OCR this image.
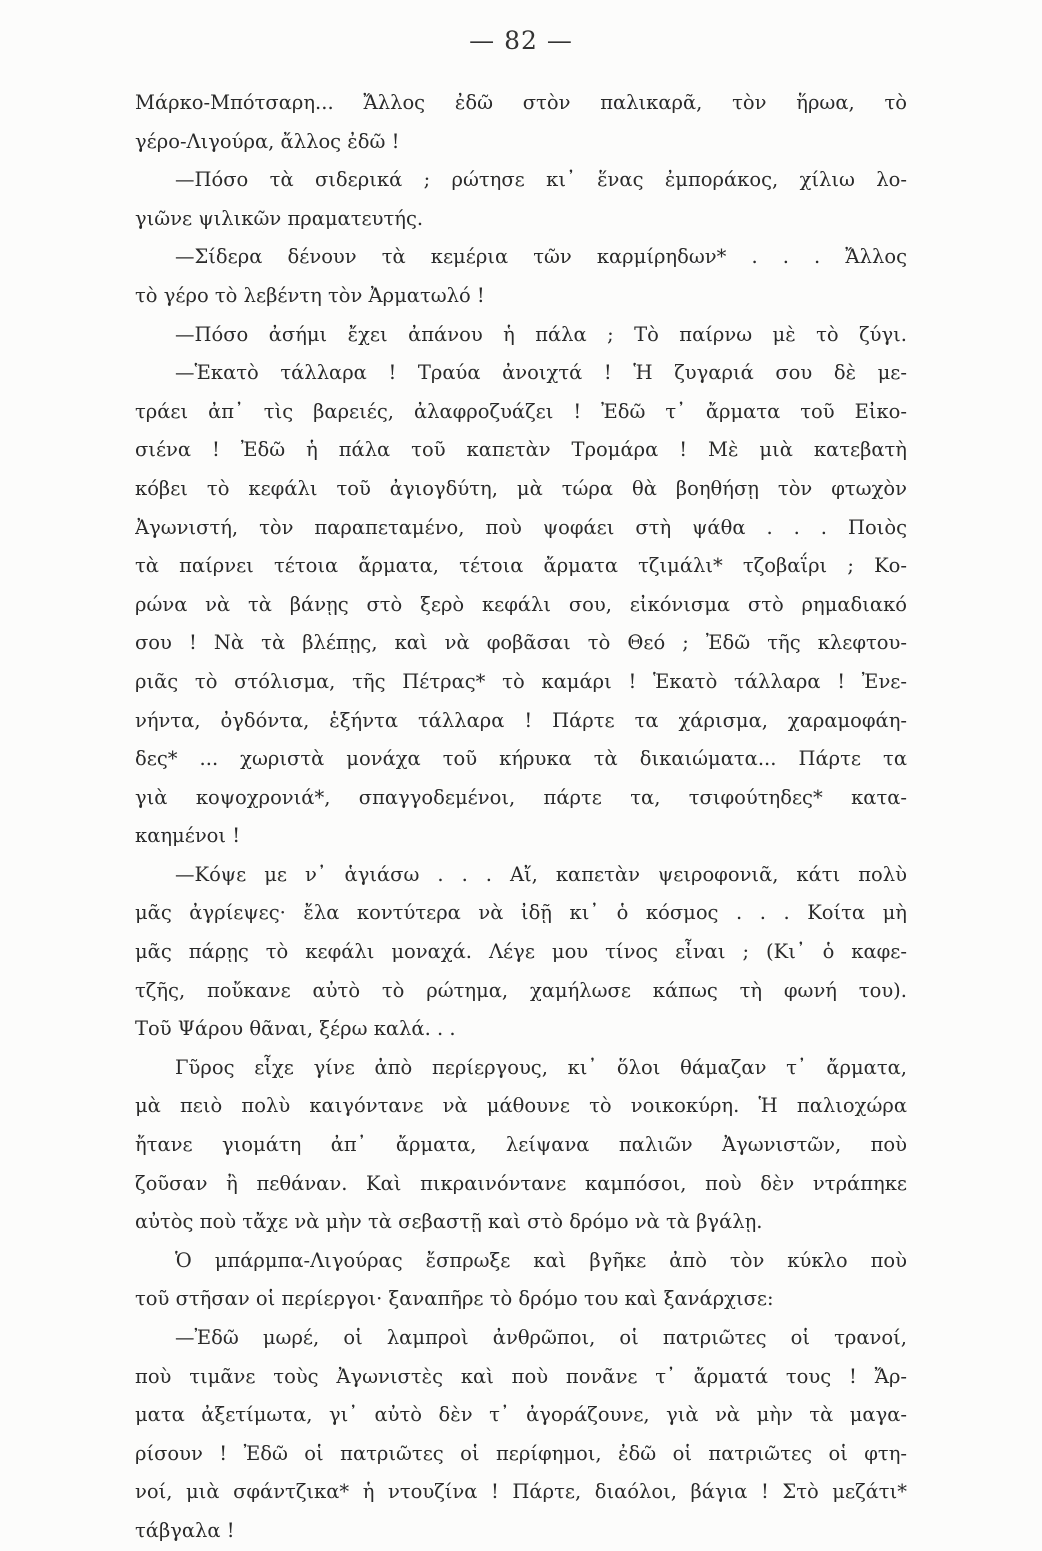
— 82 —
Μάρκο-Μπότσαρη... Ἄλλος ἐδῶ στὸν παλικαρᾶ, τὸν ἥρωα, τὸ
γέρο-Λιγούρα, ἄλλος ἐδῶ !
—Πόσο τὰ σιδερικά ; ρώτησε κι᾽ ἕνας ἐμποράκος, χίλιω λο-
γιῶνε ψιλικῶν πραματευτής.
—Σίδερα δένουν τὰ κεμέρια τῶν καρμίρηδων* . . . Ἄλλος
τὸ γέρο τὸ λεβέντη τὸν Ἀρματωλό !
—Πόσο ἀσήμι ἔχει ἀπάνου ἡ πάλα ; Τὸ παίρνω μὲ τὸ ζύγι.
—Ἑκατὸ τάλλαρα ! Τραύα ἀνοιχτά ! Ἡ ζυγαριά σου δὲ με-
τράει ἀπ᾽ τὶς βαρειές, ἀλαφροζυάζει ! Ἐδῶ τ᾽ ἄρματα τοῦ Εἰκο-
σιένα ! Ἐδῶ ἡ πάλα τοῦ καπετὰν Τρομάρα ! Μὲ μιὰ κατεβατὴ
κόβει τὸ κεφάλι τοῦ ἀγιογδύτη, μὰ τώρα θὰ βοηθήσῃ τὸν φτωχὸν
Ἀγωνιστή, τὸν παραπεταμένο, ποὺ ψοφάει στὴ ψάθα . . . Ποιὸς
τὰ παίρνει τέτοια ἄρματα, τέτοια ἄρματα τζιμάλι* τζοβαΐρι ; Κο-
ρώνα νὰ τὰ βάνῃς στὸ ξερὸ κεφάλι σου, εἰκόνισμα στὸ ρημαδιακό
σου ! Νὰ τὰ βλέπῃς, καὶ νὰ φοβᾶσαι τὸ Θεό ; Ἐδῶ τῆς κλεφτου-
ριᾶς τὸ στόλισμα, τῆς Πέτρας* τὸ καμάρι ! Ἑκατὸ τάλλαρα ! Ἐνε-
νήντα, ὀγδόντα, ἑξήντα τάλλαρα ! Πάρτε τα χάρισμα, χαραμοφάη-
δες* ... χωριστὰ μονάχα τοῦ κήρυκα τὰ δικαιώματα... Πάρτε τα
γιὰ κοψοχρονιά*, σπαγγοδεμένοι, πάρτε τα, τσιφούτηδες* κατα-
καημένοι !
—Κόψε με ν᾽ ἁγιάσω . . . Αἴ, καπετὰν ψειροφονιᾶ, κάτι πολὺ
μᾶς ἀγρίεψες· ἔλα κοντύτερα νὰ ἰδῇ κι᾽ ὁ κόσμος . . . Κοίτα μὴ
μᾶς πάρῃς τὸ κεφάλι μοναχά. Λέγε μου τίνος εἶναι ; (Κι᾽ ὁ καφε-
τζῆς, ποὔκανε αὐτὸ τὸ ρώτημα, χαμήλωσε κάπως τὴ φωνή του).
Τοῦ Ψάρου θᾶναι, ξέρω καλά. . .
Γῦρος εἶχε γίνε ἀπὸ περίεργους, κι᾽ ὅλοι θάμαζαν τ᾽ ἄρματα,
μὰ πειὸ πολὺ καιγόντανε νὰ μάθουνε τὸ νοικοκύρη. Ἡ παλιοχώρα
ἤτανε γιομάτη ἀπ᾽ ἄρματα, λείψανα παλιῶν Ἀγωνιστῶν, ποὺ
ζοῦσαν ἢ πεθάναν. Καὶ πικραινόντανε καμπόσοι, ποὺ δὲν ντράπηκε
αὐτὸς ποὺ τἄχε νὰ μὴν τὰ σεβαστῇ καὶ στὸ δρόμο νὰ τὰ βγάλῃ.
Ὁ μπάρμπα-Λιγούρας ἔσπρωξε καὶ βγῆκε ἀπὸ τὸν κύκλο ποὺ
τοῦ στῆσαν οἱ περίεργοι· ξαναπῆρε τὸ δρόμο του καὶ ξανάρχισε:
—Ἐδῶ μωρέ, οἱ λαμπροὶ ἀνθρῶποι, οἱ πατριῶτες οἱ τρανοί,
ποὺ τιμᾶνε τοὺς Ἀγωνιστὲς καὶ ποὺ πονᾶνε τ᾽ ἄρματά τους ! Ἄρ-
ματα ἀξετίμωτα, γι᾽ αὐτὸ δὲν τ᾽ ἀγοράζουνε, γιὰ νὰ μὴν τὰ μαγα-
ρίσουν ! Ἐδῶ οἱ πατριῶτες οἱ περίφημοι, ἐδῶ οἱ πατριῶτες οἱ φτη-
νοί, μιὰ σφάντζικα* ἡ ντουζίνα ! Πάρτε, διαόλοι, βάγια ! Στὸ μεζάτι*
τάβγαλα !
